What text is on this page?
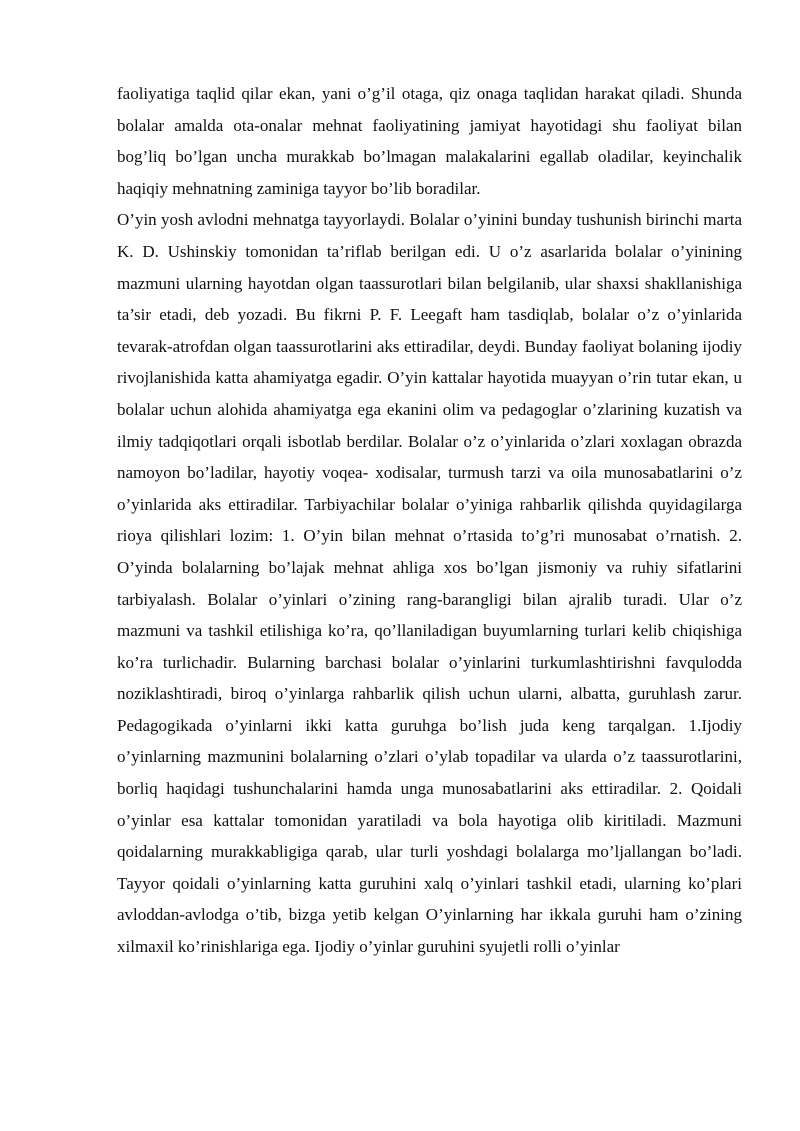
faoliyatiga taqlid qilar ekan, yani o’g’il otaga, qiz onaga taqlidan harakat qiladi. Shunda bolalar amalda ota-onalar mehnat faoliyatining jamiyat hayotidagi shu faoliyat bilan bog’liq bo’lgan uncha murakkab bo’lmagan malakalarini egallab oladilar, keyinchalik haqiqiy mehnatning zaminiga tayyor bo’lib boradilar.

O’yin yosh avlodni mehnatga tayyorlaydi. Bolalar o’yinini bunday tushunish birinchi marta K. D. Ushinskiy tomonidan ta’riflab berilgan edi. U o’z asarlarida bolalar o’yinining mazmuni ularning hayotdan olgan taassurotlari bilan belgilanib, ular shaxsi shakllanishiga ta’sir etadi, deb yozadi. Bu fikrni P. F. Leegaft ham tasdiqlab, bolalar o’z o’yinlarida tevarak-atrofdan olgan taassurotlarini aks ettiradilar, deydi. Bunday faoliyat bolaning ijodiy rivojlanishida katta ahamiyatga egadir. O’yin kattalar hayotida muayyan o’rin tutar ekan, u bolalar uchun alohida ahamiyatga ega ekanini olim va pedagoglar o’zlarining kuzatish va ilmiy tadqiqotlari orqali isbotlab berdilar. Bolalar o’z o’yinlarida o’zlari xoxlagan obrazda namoyon bo’ladilar, hayotiy voqea- xodisalar, turmush tarzi va oila munosabatlarini o’z o’yinlarida aks ettiradilar. Tarbiyachilar bolalar o’yiniga rahbarlik qilishda quyidagilarga rioya qilishlari lozim: 1. O’yin bilan mehnat o’rtasida to’g’ri munosabat o’rnatish. 2. O’yinda bolalarning bo’lajak mehnat ahliga xos bo’lgan jismoniy va ruhiy sifatlarini tarbiyalash. Bolalar o’yinlari o’zining rang-barangligi bilan ajralib turadi. Ular o’z mazmuni va tashkil etilishiga ko’ra, qo’llaniladigan buyumlarning turlari kelib chiqishiga ko’ra turlichadir. Bularning barchasi bolalar o’yinlarini turkumlashtirishni favqulodda noziklashtiradi, biroq o’yinlarga rahbarlik qilish uchun ularni, albatta, guruhlash zarur. Pedagogikada o’yinlarni ikki katta guruhga bo’lish juda keng tarqalgan. 1.Ijodiy o’yinlarning mazmunini bolalarning o’zlari o’ylab topadilar va ularda o’z taassurotlarini, borliq haqidagi tushunchalarini hamda unga munosabatlarini aks ettiradilar. 2. Qoidali o’yinlar esa kattalar tomonidan yaratiladi va bola hayotiga olib kiritiladi. Mazmuni qoidalarning murakkabligiga qarab, ular turli yoshdagi bolalarga mo’ljallangan bo’ladi. Tayyor qoidali o’yinlarning katta guruhini xalq o’yinlari tashkil etadi, ularning ko’plari avloddan-avlodga o’tib, bizga yetib kelgan O’yinlarning har ikkala guruhi ham o’zining xilmaxil ko’rinishlariga ega. Ijodiy o’yinlar guruhini syujetli rolli o’yinlar
